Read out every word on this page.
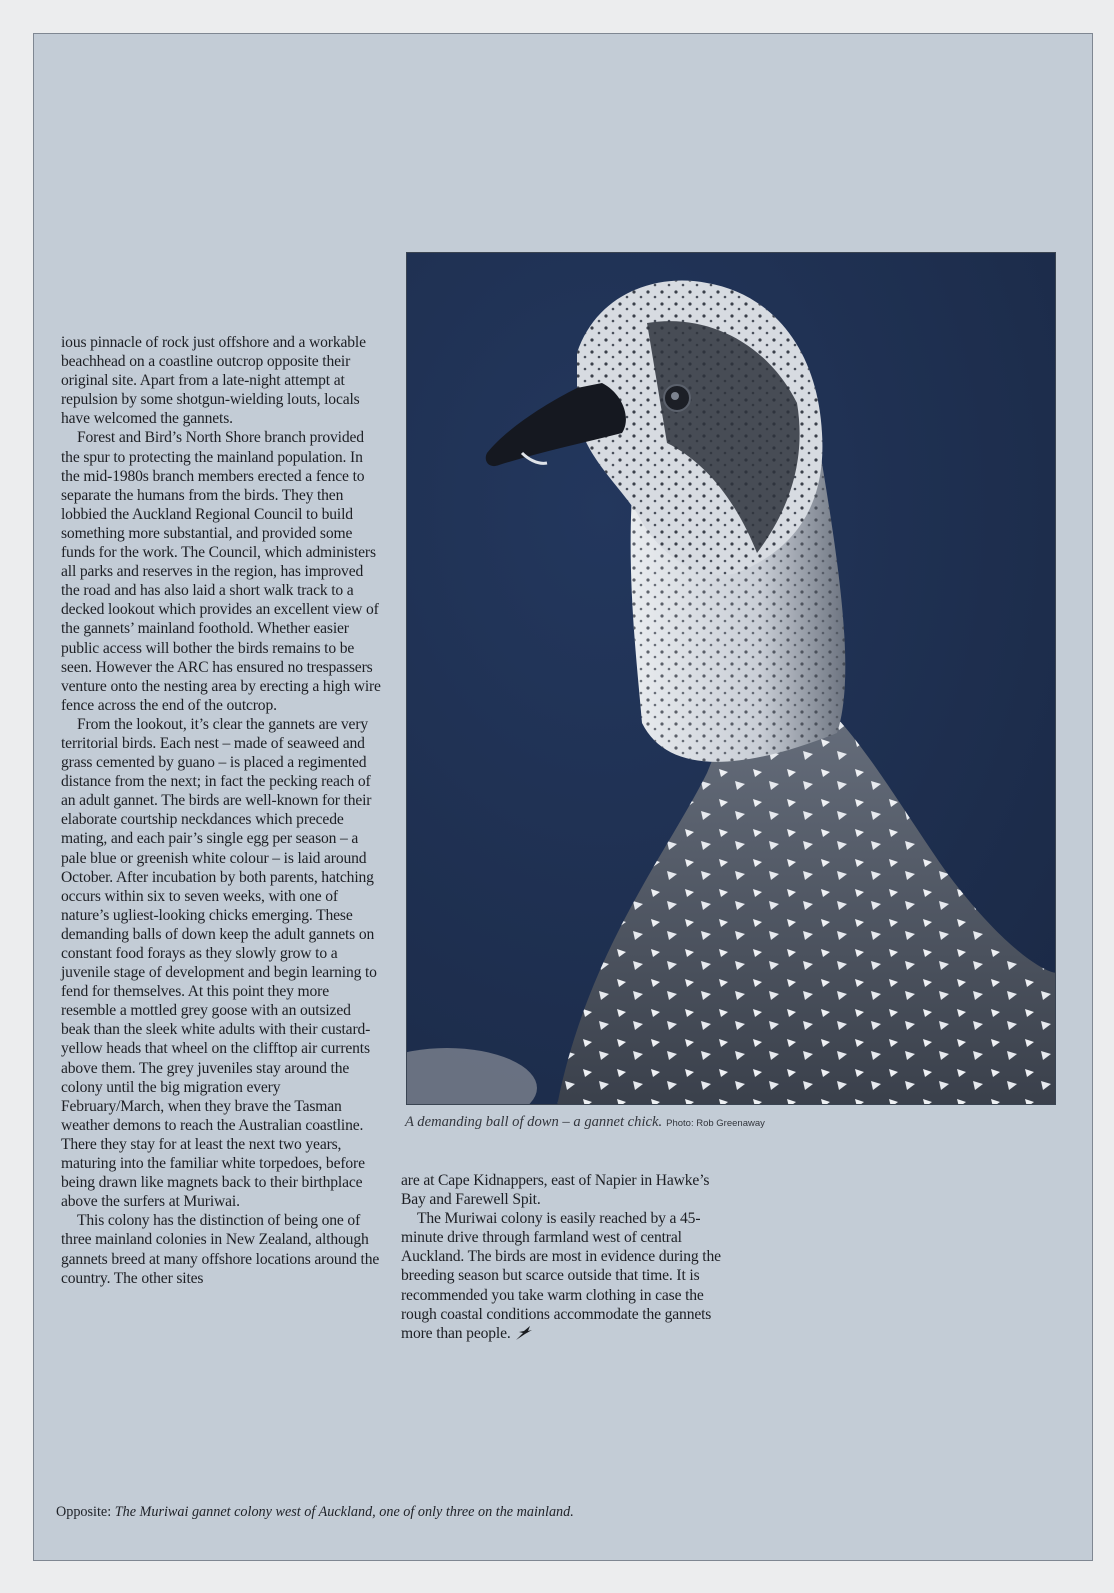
ious pinnacle of rock just offshore and a workable beachhead on a coastline outcrop opposite their original site. Apart from a late-night attempt at repulsion by some shotgun-wielding louts, locals have welcomed the gannets.

Forest and Bird’s North Shore branch provided the spur to protecting the mainland population. In the mid-1980s branch members erected a fence to separate the humans from the birds. They then lobbied the Auckland Regional Council to build something more substantial, and provided some funds for the work. The Council, which administers all parks and reserves in the region, has improved the road and has also laid a short walk track to a decked lookout which provides an excellent view of the gannets’ mainland foothold. Whether easier public access will bother the birds remains to be seen. However the ARC has ensured no trespassers venture onto the nesting area by erecting a high wire fence across the end of the outcrop.

From the lookout, it’s clear the gannets are very territorial birds. Each nest – made of seaweed and grass cemented by guano – is placed a regimented distance from the next; in fact the pecking reach of an adult gannet. The birds are well-known for their elaborate courtship neckdances which precede mating, and each pair’s single egg per season – a pale blue or greenish white colour – is laid around October. After incubation by both parents, hatching occurs within six to seven weeks, with one of nature’s ugliest-looking chicks emerging. These demanding balls of down keep the adult gannets on constant food forays as they slowly grow to a juvenile stage of development and begin learning to fend for themselves. At this point they more resemble a mottled grey goose with an outsized beak than the sleek white adults with their custard-yellow heads that wheel on the clifftop air currents above them. The grey juveniles stay around the colony until the big migration every February/March, when they brave the Tasman weather demons to reach the Australian coastline. There they stay for at least the next two years, maturing into the familiar white torpedoes, before being drawn like magnets back to their birthplace above the surfers at Muriwai.

This colony has the distinction of being one of three mainland colonies in New Zealand, although gannets breed at many offshore locations around the country. The other sites

A demanding ball of down – a gannet chick. Photo: Rob Greenaway

are at Cape Kidnappers, east of Napier in Hawke’s Bay and Farewell Spit.

The Muriwai colony is easily reached by a 45-minute drive through farmland west of central Auckland. The birds are most in evidence during the breeding season but scarce outside that time. It is recommended you take warm clothing in case the rough coastal conditions accommodate the gannets more than people.

Opposite: The Muriwai gannet colony west of Auckland, one of only three on the mainland.
